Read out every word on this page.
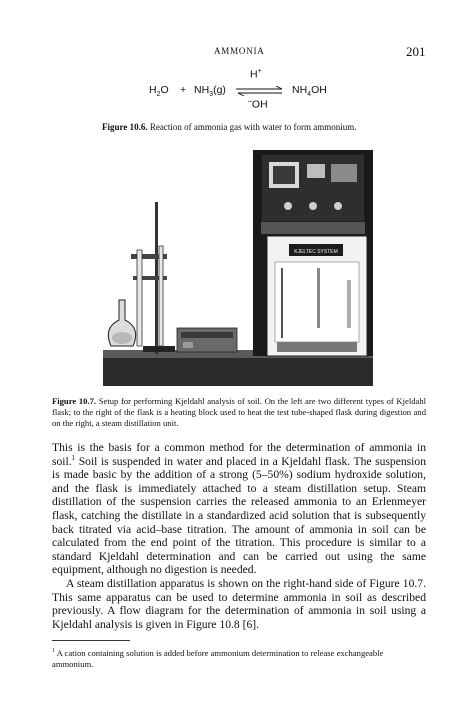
AMMONIA	201
$H_2O + NH_3(g)$
H+
–OH
$NH_4OH$
Figure 10.6. Reaction of ammonia gas with water to form ammonium.
KJELTEC SYSTEM
Figure 10.7. Setup for performing Kjeldahl analysis of soil. On the left are two different types of Kjeldahl flask; to the right of the flask is a heating block used to heat the test tube-shaped flask during digestion and on the right, a steam distillation unit.

This is the basis for a common method for the determination of ammonia in soil.$^1$ Soil is suspended in water and placed in a Kjeldahl flask. The suspension is made basic by the addition of a strong (5–50%) sodium hydroxide solution, and the flask is immediately attached to a steam distillation setup. Steam distillation of the suspension carries the released ammonia to an Erlenmeyer flask, catching the distillate in a standardized acid solution that is subsequently back titrated via acid–base titration. The amount of ammonia in soil can be calculated from the end point of the titration. This procedure is similar to a standard Kjeldahl determination and can be carried out using the same equipment, although no digestion is needed.

A steam distillation apparatus is shown on the right-hand side of Figure 10.7. This same apparatus can be used to determine ammonia in soil as described previously. A flow diagram for the determination of ammonia in soil using a Kjeldahl analysis is given in Figure 10.8 [6].

$^1$ A cation containing solution is added before ammonium determination to release exchangeable ammonium.
